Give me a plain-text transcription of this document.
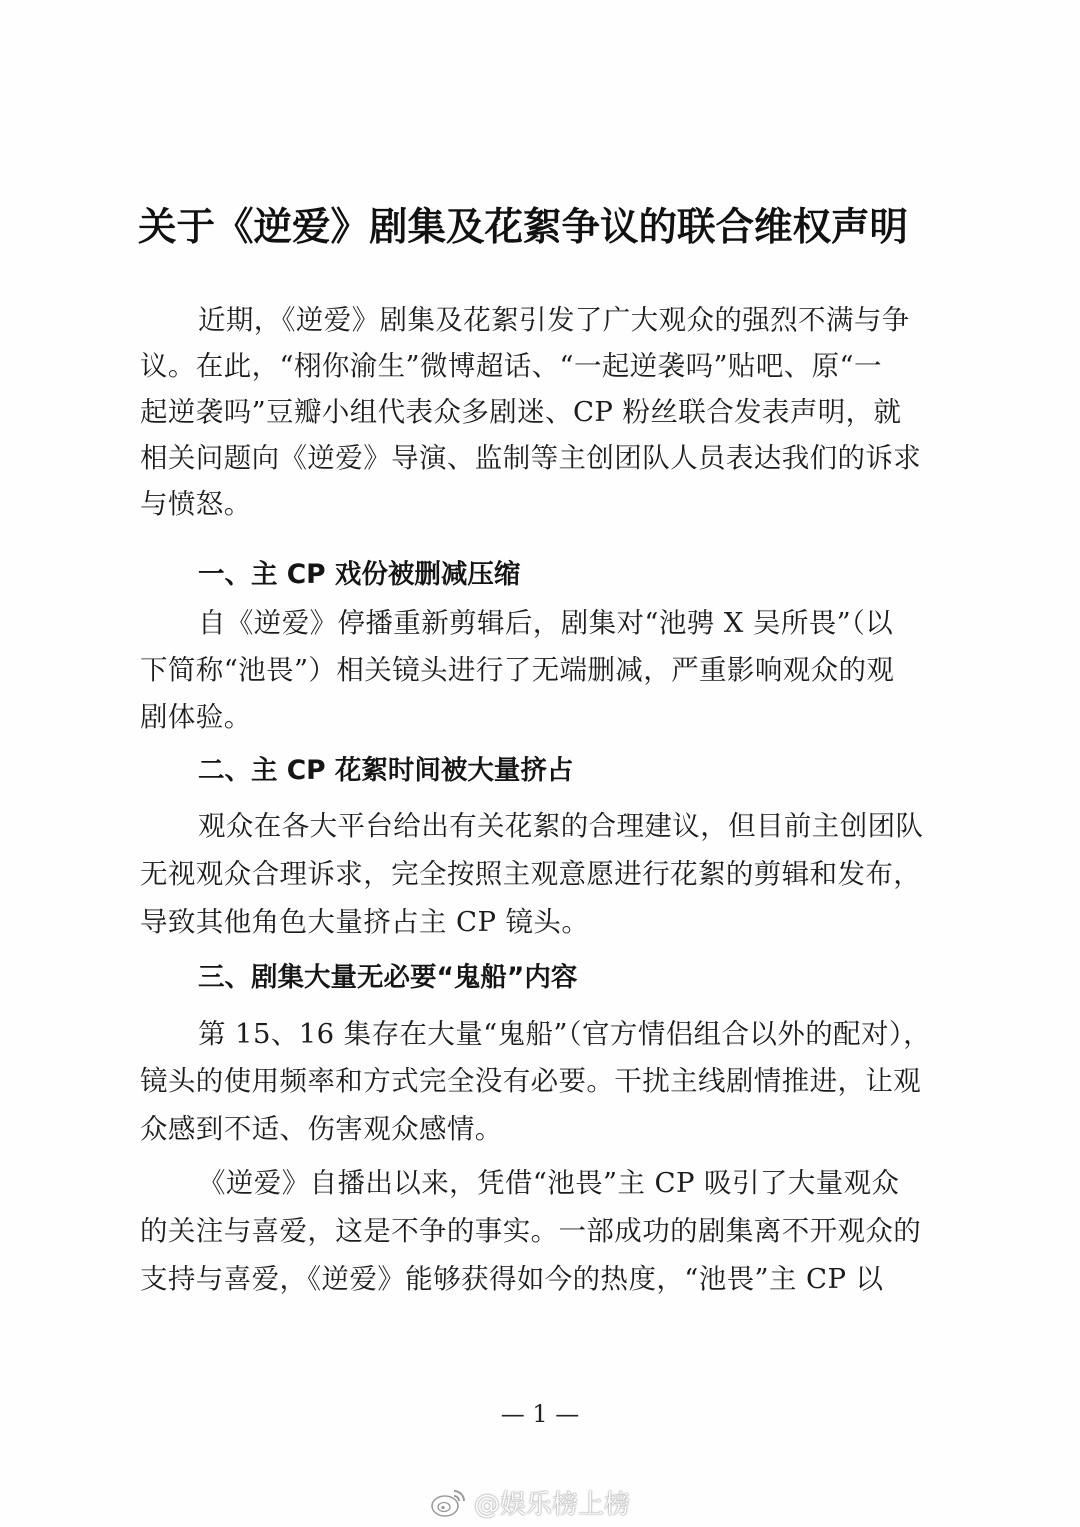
关于《逆爱》剧集及花絮争议的联合维权声明
近期，《逆爱》剧集及花絮引发了广大观众的强烈不满与争
议。在此，“栩你渝生”微博超话、“一起逆袭吗”贴吧、原“一
起逆袭吗”豆瓣小组代表众多剧迷、CP 粉丝联合发表声明，就
相关问题向《逆爱》导演、监制等主创团队人员表达我们的诉求
与愤怒。
一、主 CP 戏份被删减压缩
自《逆爱》停播重新剪辑后，剧集对“池骋 X 吴所畏”（以
下简称“池畏”）相关镜头进行了无端删减，严重影响观众的观
剧体验。
二、主 CP 花絮时间被大量挤占
观众在各大平台给出有关花絮的合理建议，但目前主创团队
无视观众合理诉求，完全按照主观意愿进行花絮的剪辑和发布，
导致其他角色大量挤占主 CP 镜头。
三、剧集大量无必要“鬼船”内容
第 15、16 集存在大量“鬼船”（官方情侣组合以外的配对），
镜头的使用频率和方式完全没有必要。干扰主线剧情推进，让观
众感到不适、伤害观众感情。
《逆爱》自播出以来，凭借“池畏”主 CP 吸引了大量观众
的关注与喜爱，这是不争的事实。一部成功的剧集离不开观众的
支持与喜爱，《逆爱》能够获得如今的热度，“池畏”主 CP 以
— 1 —
@娱乐榜上榜
